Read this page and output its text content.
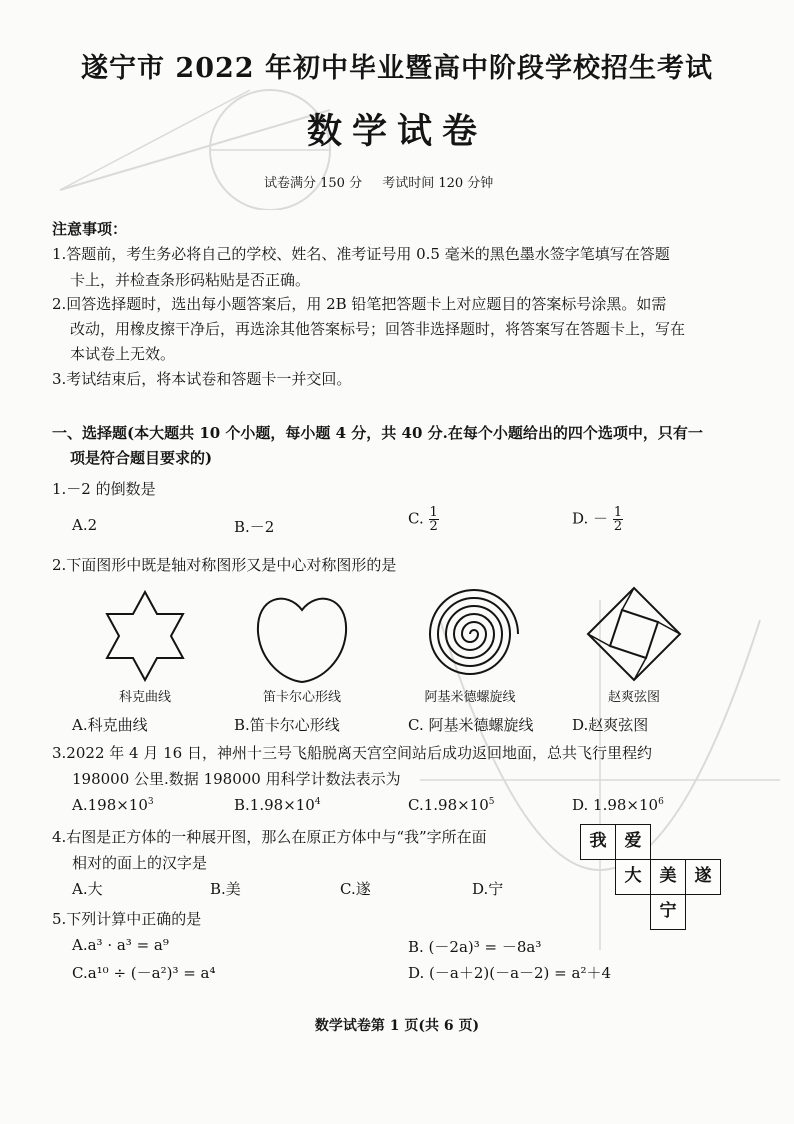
遂宁市 2022 年初中毕业暨高中阶段学校招生考试
数学试卷
试卷满分 150 分 考试时间 120 分钟
注意事项：
1.答题前，考生务必将自己的学校、姓名、准考证号用 0.5 毫米的黑色墨水签字笔填写在答题
卡上，并检查条形码粘贴是否正确。
2.回答选择题时，选出每小题答案后，用 2B 铅笔把答题卡上对应题目的答案标号涂黑。如需
改动，用橡皮擦干净后，再选涂其他答案标号；回答非选择题时，将答案写在答题卡上，写在
本试卷上无效。
3.考试结束后，将本试卷和答题卡一并交回。
一、选择题(本大题共 10 个小题，每小题 4 分，共 40 分.在每个小题给出的四个选项中，只有一
项是符合题目要求的)
1.－2 的倒数是
A.2	B.－2	C. $\frac{1}{2}$	D. － $\frac{1}{2}$
2.下面图形中既是轴对称图形又是中心对称图形的是
科克曲线	笛卡尔心形线	阿基米德螺旋线	赵爽弦图
A.科克曲线	B.笛卡尔心形线	C. 阿基米德螺旋线	D.赵爽弦图
3.2022 年 4 月 16 日，神州十三号飞船脱离天宫空间站后成功返回地面，总共飞行里程约
198000 公里.数据 198000 用科学计数法表示为
$A.198\times 10^3$	$B.1.98\times 10^4$	$C.1.98\times 10^5$	D. $1.98\times 10^6$
4.右图是正方体的一种展开图，那么在原正方体中与“我”字所在面
相对的面上的汉字是
A.大	B.美	C.遂	D.宁
我	爱
大	美	遂
宁
5.下列计算中正确的是
A.a³ · a³ = a⁹	B. (－2a)³ = －8a³
C.a¹⁰ ÷ (－a²)³ = a⁴	D. (－a＋2)(－a－2) = a²＋4
数学试卷第 1 页(共 6 页)
